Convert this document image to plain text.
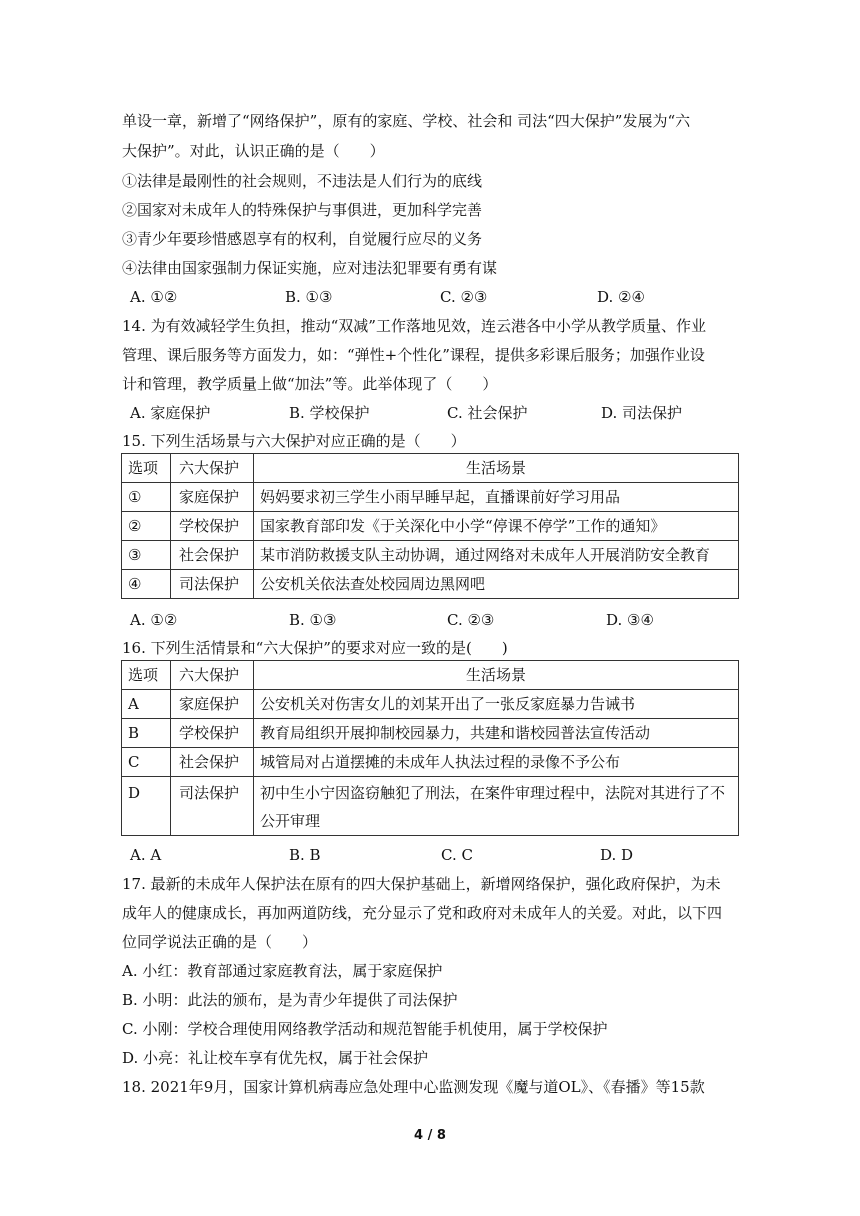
单设一章，新增了“网络保护”，原有的家庭、学校、社会和 司法“四大保护”发展为“六
大保护”。对此，认识正确的是（　　）
①法律是最刚性的社会规则，不违法是人们行为的底线
②国家对未成年人的特殊保护与事俱进，更加科学完善
③青少年要珍惜感恩享有的权利，自觉履行应尽的义务
④法律由国家强制力保证实施，应对违法犯罪要有勇有谋
A. ①②	B. ①③	C. ②③	D. ②④
14. 为有效减轻学生负担，推动“双减”工作落地见效，连云港各中小学从教学质量、作业
管理、课后服务等方面发力，如：“弹性+个性化”课程，提供多彩课后服务；加强作业设
计和管理，教学质量上做“加法”等。此举体现了（　　）
A. 家庭保护	B. 学校保护	C. 社会保护	D. 司法保护
15. 下列生活场景与六大保护对应正确的是（　　）
选项	六大保护	生活场景
①	家庭保护	妈妈要求初三学生小雨早睡早起，直播课前好学习用品
②	学校保护	国家教育部印发《于关深化中小学“停课不停学”工作的通知》
③	社会保护	某市消防救援支队主动协调，通过网络对未成年人开展消防安全教育
④	司法保护	公安机关依法查处校园周边黑网吧
A. ①②	B. ①③	C. ②③	D. ③④
16. 下列生活情景和“六大保护”的要求对应一致的是(　　)
选项	六大保护	生活场景
A	家庭保护	公安机关对伤害女儿的刘某开出了一张反家庭暴力告诫书
B	学校保护	教育局组织开展抑制校园暴力，共建和谐校园普法宣传活动
C	社会保护	城管局对占道摆摊的未成年人执法过程的录像不予公布
D	司法保护	初中生小宁因盗窃触犯了刑法，在案件审理过程中，法院对其进行了不
公开审理
A. A	B. B	C. C	D. D
17. 最新的未成年人保护法在原有的四大保护基础上，新增网络保护，强化政府保护，为未
成年人的健康成长，再加两道防线，充分显示了党和政府对未成年人的关爱。对此，以下四
位同学说法正确的是（　　）
A. 小红：教育部通过家庭教育法，属于家庭保护
B. 小明：此法的颁布，是为青少年提供了司法保护
C. 小刚：学校合理使用网络教学活动和规范智能手机使用，属于学校保护
D. 小亮：礼让校车享有优先权，属于社会保护
18. 2021年9月，国家计算机病毒应急处理中心监测发现《魔与道OL》、《春播》等15款
4 / 8
